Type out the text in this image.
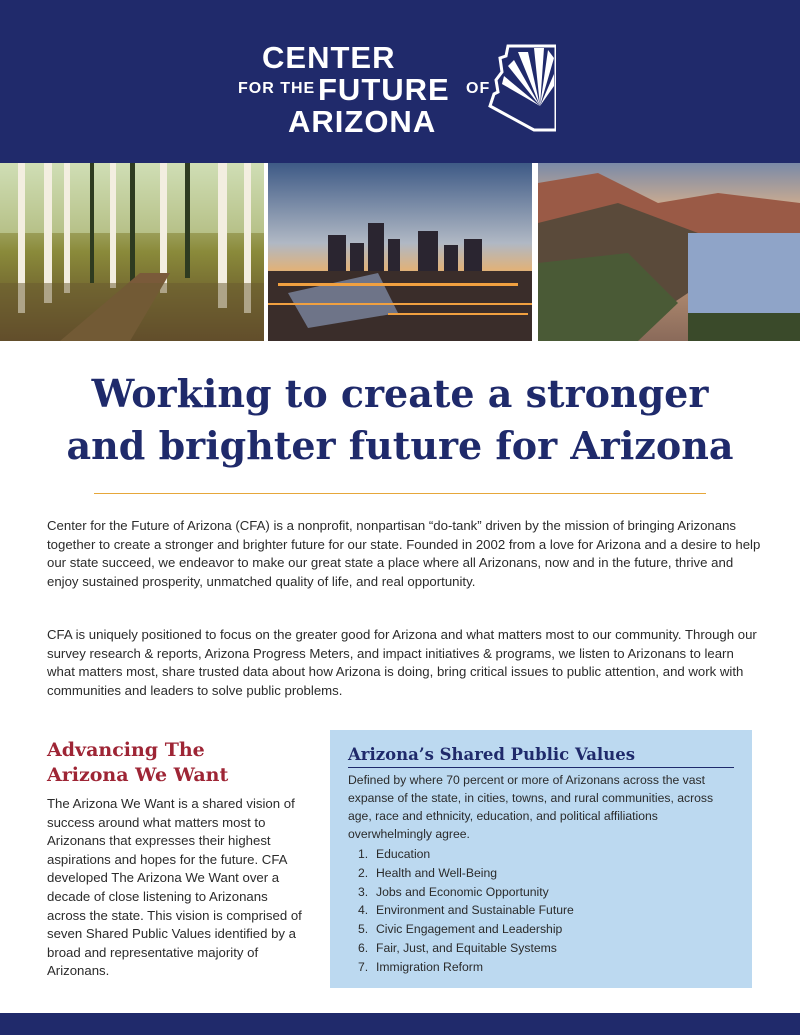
CENTER
FOR THE FUTURE OF
ARIZONA
Working to create a stronger
and brighter future for Arizona
Center for the Future of Arizona (CFA) is a nonprofit, nonpartisan “do-tank” driven by the mission of bringing Arizonans together to create a stronger and brighter future for our state. Founded in 2002 from a love for Arizona and a desire to help our state succeed, we endeavor to make our great state a place where all Arizonans, now and in the future, thrive and enjoy sustained prosperity, unmatched quality of life, and real opportunity.
CFA is uniquely positioned to focus on the greater good for Arizona and what matters most to our community. Through our survey research & reports, Arizona Progress Meters, and impact initiatives & programs, we listen to Arizonans to learn what matters most, share trusted data about how Arizona is doing, bring critical issues to public attention, and work with communities and leaders to solve public problems.
Advancing The
Arizona We Want
The Arizona We Want is a shared vision of success around what matters most to Arizonans that expresses their highest aspirations and hopes for the future. CFA developed The Arizona We Want over a decade of close listening to Arizonans across the state. This vision is comprised of seven Shared Public Values identified by a broad and representative majority of Arizonans.
Arizona’s Shared Public Values
Defined by where 70 percent or more of Arizonans across the vast expanse of the state, in cities, towns, and rural communities, across age, race and ethnicity, education, and political affiliations overwhelmingly agree.
1. Education
2. Health and Well-Being
3. Jobs and Economic Opportunity
4. Environment and Sustainable Future
5. Civic Engagement and Leadership
6. Fair, Just, and Equitable Systems
7. Immigration Reform
